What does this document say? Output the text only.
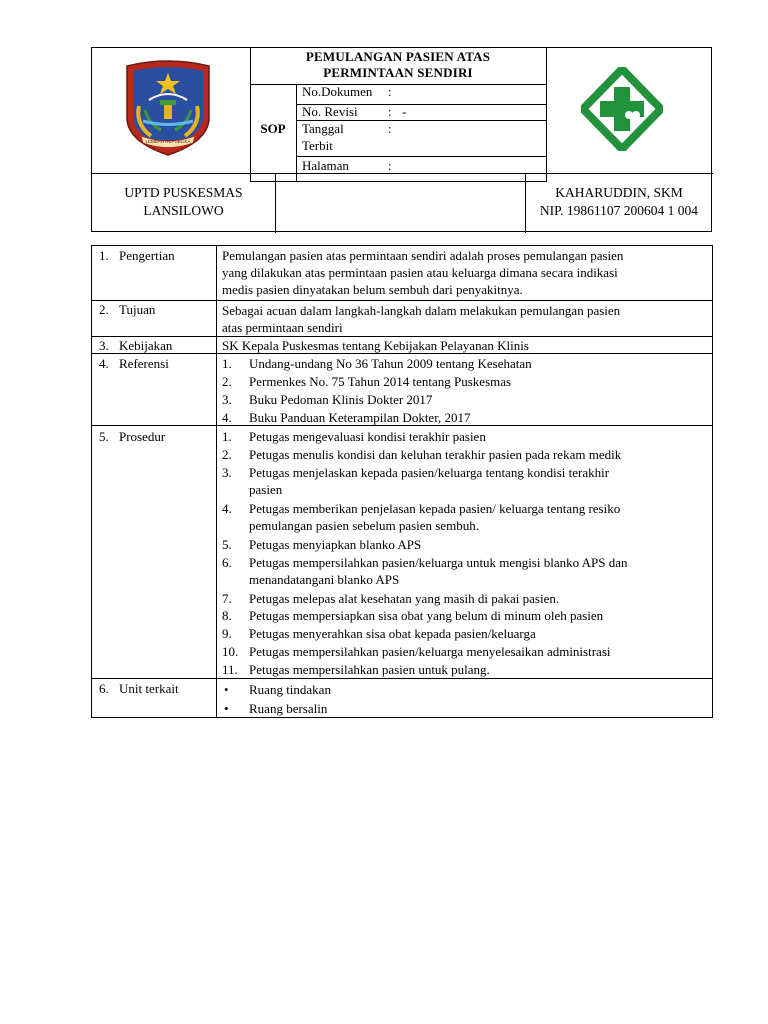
LEMBAH REPUBLIKA
PEMULANGAN PASIEN ATAS
PERMINTAAN SENDIRI
SOP
No.Dokumen :
No. Revisi : -
Tanggal	:
Terbit
Halaman	:
UPTD PUSKESMAS
LANSILOWO
KAHARUDDIN, SKM
NIP. 19861107 200604 1 004
1. Pengertian	Pemulangan pasien atas permintaan sendiri adalah proses pemulangan pasien
yang dilakukan atas permintaan pasien atau keluarga dimana secara indikasi
medis pasien dinyatakan belum sembuh dari penyakitnya.
2. Tujuan	Sebagai acuan dalam langkah-langkah dalam melakukan pemulangan pasien
atas permintaan sendiri
3. Kebijakan	SK Kepala Puskesmas tentang Kebijakan Pelayanan Klinis
4. Referensi	1.	Undang-undang No 36 Tahun 2009 tentang Kesehatan
2.	Permenkes No. 75 Tahun 2014 tentang Puskesmas
3.	Buku Pedoman Klinis Dokter 2017
4.	Buku Panduan Keterampilan Dokter, 2017
5. Prosedur	1.	Petugas mengevaluasi kondisi terakhir pasien
2.	Petugas menulis kondisi dan keluhan terakhir pasien pada rekam medik
3.	Petugas menjelaskan kepada pasien/keluarga tentang kondisi terakhir
pasien
4.	Petugas memberikan penjelasan kepada pasien/ keluarga tentang resiko
pemulangan pasien sebelum pasien sembuh.
5.	Petugas menyiapkan blanko APS
6.	Petugas mempersilahkan pasien/keluarga untuk mengisi blanko APS dan
menandatangani blanko APS
7.	Petugas melepas alat kesehatan yang masih di pakai pasien.
8.	Petugas mempersiapkan sisa obat yang belum di minum oleh pasien
9.	Petugas menyerahkan sisa obat kepada pasien/keluarga
10. Petugas mempersilahkan pasien/keluarga menyelesaikan administrasi
11. Petugas mempersilahkan pasien untuk pulang.
6. Unit terkait	• Ruang tindakan
• Ruang bersalin
